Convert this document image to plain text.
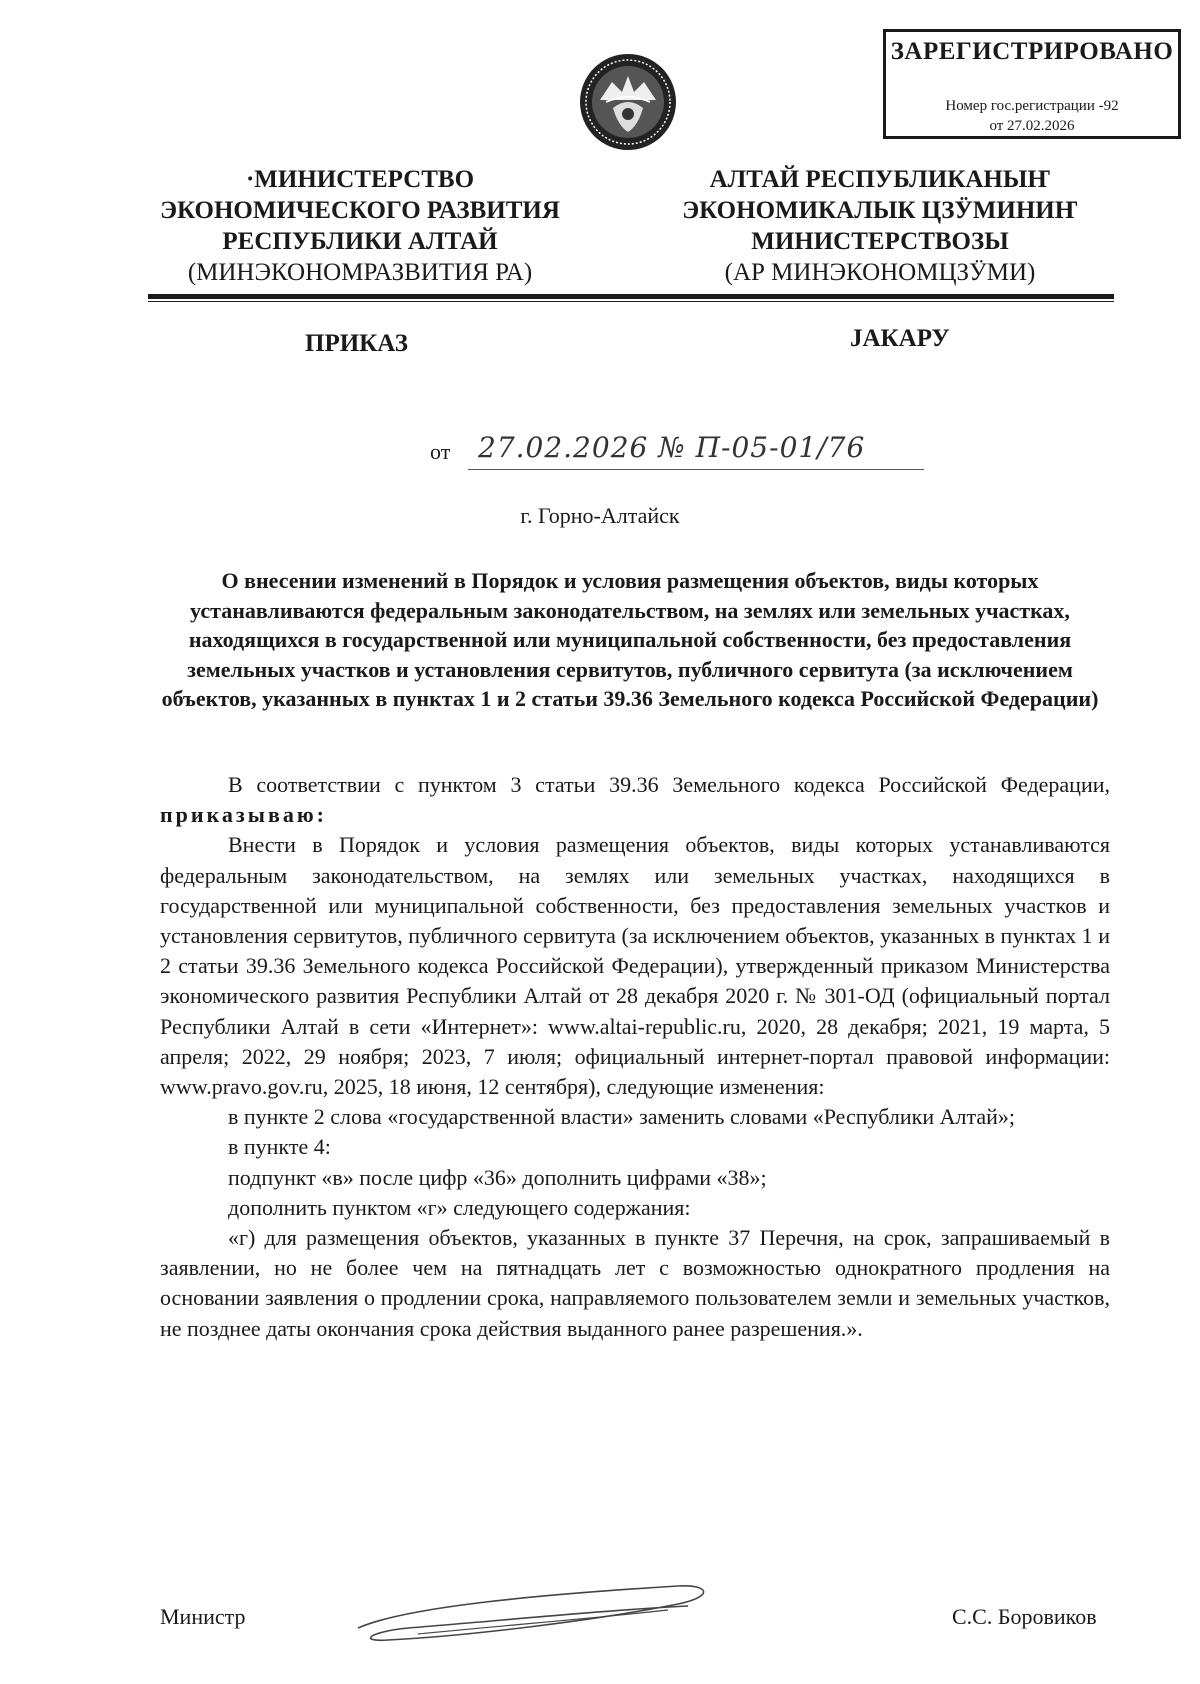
ЗАРЕГИСТРИРОВАНО
Номер гос.регистрации -92
от 27.02.2026
·МИНИСТЕРСТВО
ЭКОНОМИЧЕСКОГО РАЗВИТИЯ
РЕСПУБЛИКИ АЛТАЙ
(МИНЭКОНОМРАЗВИТИЯ РА)
АЛТАЙ РЕСПУБЛИКАНЫҤ
ЭКОНОМИКАЛЫК ЦЗӰМИНИҤ
МИНИСТЕРСТВОЗЫ
(АР МИНЭКОНОМЦЗӰМИ)
ПРИКАЗ	JАКАРУ
от 27.02.2026 № П-05-01/76
г. Горно-Алтайск
О внесении изменений в Порядок и условия размещения объектов, виды которых устанавливаются федеральным законодательством, на землях или земельных участках, находящихся в государственной или муниципальной собственности, без предоставления земельных участков и установления сервитутов, публичного сервитута (за исключением объектов, указанных в пунктах 1 и 2 статьи 39.36 Земельного кодекса Российской Федерации)

В соответствии с пунктом 3 статьи 39.36 Земельного кодекса Российской Федерации, приказываю:

Внести в Порядок и условия размещения объектов, виды которых устанавливаются федеральным законодательством, на землях или земельных участках, находящихся в государственной или муниципальной собственности, без предоставления земельных участков и установления сервитутов, публичного сервитута (за исключением объектов, указанных в пунктах 1 и 2 статьи 39.36 Земельного кодекса Российской Федерации), утвержденный приказом Министерства экономического развития Республики Алтай от 28 декабря 2020 г. № 301-ОД (официальный портал Республики Алтай в сети «Интернет»: www.altai-republic.ru, 2020, 28 декабря; 2021, 19 марта, 5 апреля; 2022, 29 ноября; 2023, 7 июля; официальный интернет-портал правовой информации: www.pravo.gov.ru, 2025, 18 июня, 12 сентября), следующие изменения:

в пункте 2 слова «государственной власти» заменить словами «Республики Алтай»;

в пункте 4:

подпункт «в» после цифр «36» дополнить цифрами «38»;

дополнить пунктом «г» следующего содержания:

«г) для размещения объектов, указанных в пункте 37 Перечня, на срок, запрашиваемый в заявлении, но не более чем на пятнадцать лет с возможностью однократного продления на основании заявления о продлении срока, направляемого пользователем земли и земельных участков, не позднее даты окончания срока действия выданного ранее разрешения.».

Министр	С.С. Боровиков
